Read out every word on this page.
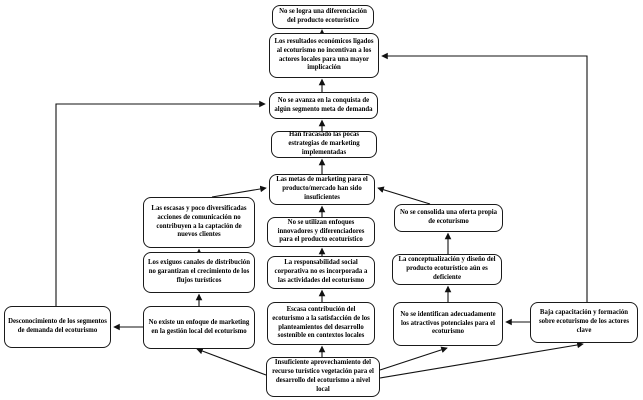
No se logra una diferenciación del producto ecoturístico
Los resultados económicos ligados al ecoturismo no incentivan a los actores locales para una mayor implicación
No se avanza en la conquista de algún segmento meta de demanda
Han fracasado las pocas estrategias de marketing implementadas
Las metas de marketing para el producto/mercado han sido insuficientes
Las escasas y poco diversificadas acciones de comunicación no contribuyen a la captación de nuevos clientes
Los exiguos canales de distribución no garantizan el crecimiento de los flujos turísticos
No existe un enfoque de marketing en la gestión local del ecoturismo
Desconocimiento de los segmentos de demanda del ecoturismo
No se utilizan enfoques innovadores y diferenciadores para el producto ecoturístico
La responsabilidad social corporativa no es incorporada a las actividades del ecoturismo
Escasa contribución del ecoturismo a la satisfacción de los planteamientos del desarrollo sostenible en contextos locales
Insuficiente aprovechamiento del recurso turístico vegetación para el desarrollo del ecoturismo a nivel local
No se consolida una oferta propia de ecoturismo
La conceptualización y diseño del producto ecoturístico aún es deficiente
No se identifican adecuadamente los atractivos potenciales para el ecoturismo
Baja capacitación y formación sobre ecoturismo de los actores clave
